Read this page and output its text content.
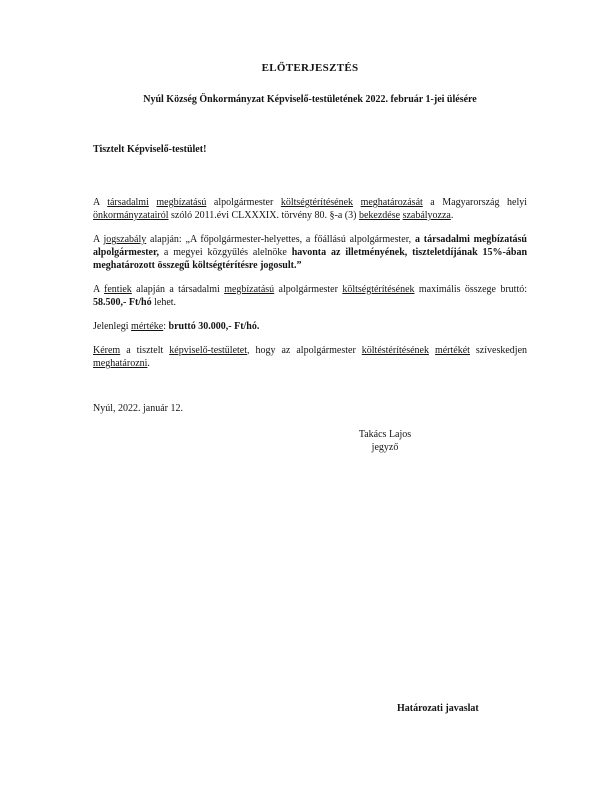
ELŐTERJESZTÉS
Nyúl Község Önkormányzat Képviselő-testületének 2022. február 1-jei ülésére
Tisztelt Képviselő-testület!

A társadalmi megbízatású alpolgármester költségtérítésének meghatározását a Magyarország helyi önkormányzatairól szóló 2011.évi CLXXXIX. törvény 80. §-a (3) bekezdése szabályozza.

A jogszabály alapján: „A főpolgármester-helyettes, a főállású alpolgármester, a társadalmi megbízatású alpolgármester, a megyei közgyűlés alelnöke havonta az illetményének, tiszteletdíjának 15%-ában meghatározott összegű költségtérítésre jogosult.”

A fentiek alapján a társadalmi megbízatású alpolgármester költségtérítésének maximális összege bruttó: 58.500,- Ft/hó lehet.

Jelenlegi mértéke: bruttó 30.000,- Ft/hó.

Kérem a tisztelt képviselő-testületet, hogy az alpolgármester költéstérítésének mértékét szíveskedjen meghatározni.

Nyúl, 2022. január 12.
Takács Lajos
jegyző
Határozati javaslat
